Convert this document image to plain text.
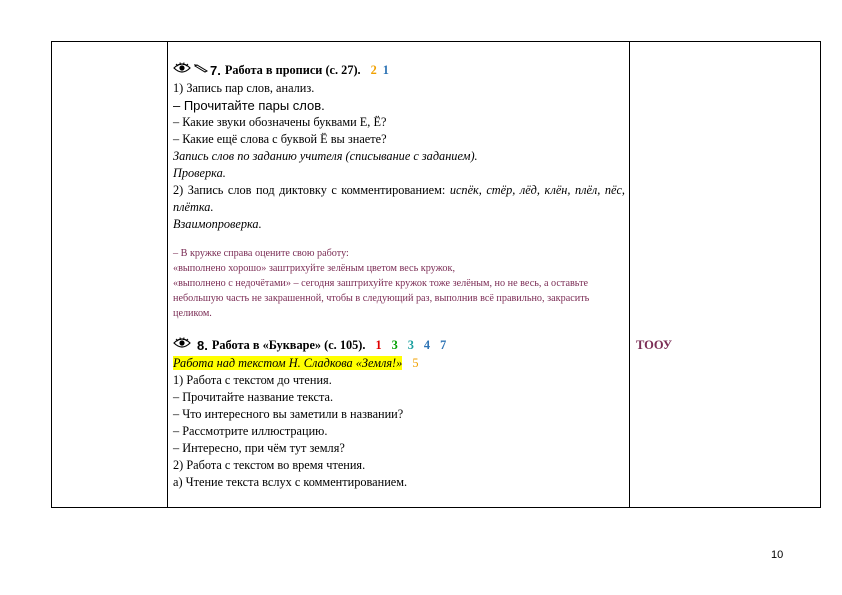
7. Работа в прописи (с. 27). 2 1
1) Запись пар слов, анализ.
– Прочитайте пары слов.
– Какие звуки обозначены буквами Е, Ё?
– Какие ещё слова с буквой Ё вы знаете?
Запись слов по заданию учителя (списывание с заданием).
Проверка.
2) Запись слов под диктовку с комментированием: испёк, стёр, лёд, клён, плёл, пёс, плётка.
Взаимопроверка.
– В кружке справа оцените свою работу:
«выполнено хорошо» заштрихуйте зелёным цветом весь кружок,
«выполнено с недочётами» – сегодня заштрихуйте кружок тоже зелёным, но не весь, а оставьте небольшую часть не закрашенной, чтобы в следующий раз, выполнив всё правильно, закрасить целиком.
8. Работа в «Букваре» (с. 105). 1 3 3 4 7
Работа над текстом Н. Сладкова «Земля!» 5
1) Работа с текстом до чтения.
– Прочитайте название текста.
– Что интересного вы заметили в названии?
– Рассмотрите иллюстрацию.
– Интересно, при чём тут земля?
2) Работа с текстом во время чтения.
а) Чтение текста вслух с комментированием.
ТООУ
10
